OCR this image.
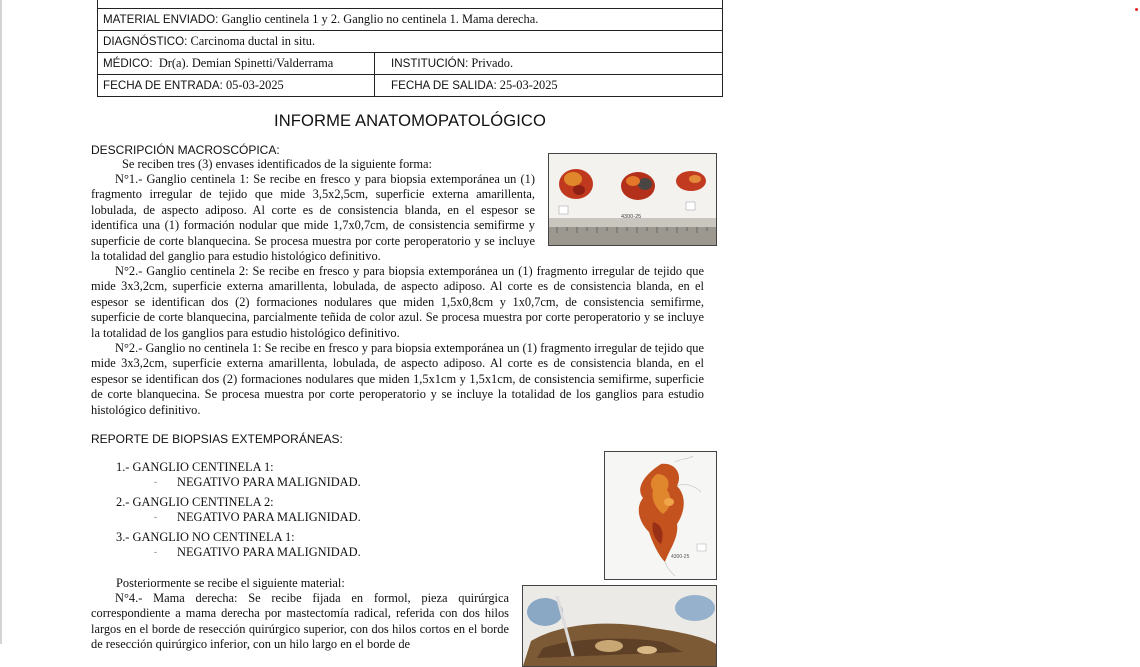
MATERIAL ENVIADO: Ganglio centinela 1 y 2. Ganglio no centinela 1. Mama derecha.	
DIAGNÓSTICO: Carcinoma ductal in situ.	
MÉDICO: Dr(a). Demian Spinetti/Valderrama	INSTITUCIÓN: Privado.
FECHA DE ENTRADA: 05-03-2025	FECHA DE SALIDA: 25-03-2025
INFORME ANATOMOPATOLÓGICO
DESCRIPCIÓN MACROSCÓPICA:
Se reciben tres (3) envases identificados de la siguiente forma:

N°1.- Ganglio centinela 1: Se recibe en fresco y para biopsia extemporánea un (1) fragmento irregular de tejido que mide 3,5x2,5cm, superficie externa amarillenta, lobulada, de aspecto adiposo. Al corte es de consistencia blanda, en el espesor se identifica una (1) formación nodular que mide 1,7x0,7cm, de consistencia semifirme y superficie de corte blanquecina. Se procesa muestra por corte peroperatorio y se incluye la totalidad del ganglio para estudio histológico definitivo.

4300-25

N°2.- Ganglio centinela 2: Se recibe en fresco y para biopsia extemporánea un (1) fragmento irregular de tejido que mide 3x3,2cm, superficie externa amarillenta, lobulada, de aspecto adiposo. Al corte es de consistencia blanda, en el espesor se identifican dos (2) formaciones nodulares que miden 1,5x0,8cm y 1x0,7cm, de consistencia semifirme, superficie de corte blanquecina, parcialmente teñida de color azul. Se procesa muestra por corte peroperatorio y se incluye la totalidad de los ganglios para estudio histológico definitivo.

N°2.- Ganglio no centinela 1: Se recibe en fresco y para biopsia extemporánea un (1) fragmento irregular de tejido que mide 3x3,2cm, superficie externa amarillenta, lobulada, de aspecto adiposo. Al corte es de consistencia blanda, en el espesor se identifican dos (2) formaciones nodulares que miden 1,5x1cm y 1,5x1cm, de consistencia semifirme, superficie de corte blanquecina. Se procesa muestra por corte peroperatorio y se incluye la totalidad de los ganglios para estudio histológico definitivo.

REPORTE DE BIOPSIAS EXTEMPORÁNEAS:
1.- GANGLIO CENTINELA 1:
- NEGATIVO PARA MALIGNIDAD.
2.- GANGLIO CENTINELA 2:
- NEGATIVO PARA MALIGNIDAD.
3.- GANGLIO NO CENTINELA 1:
- NEGATIVO PARA MALIGNIDAD.	4300-25
Posteriormente se recibe el siguiente material:

N°4.- Mama derecha: Se recibe fijada en formol, pieza quirúrgica correspondiente a mama derecha por mastectomía radical, referida con dos hilos largos en el borde de resección quirúrgico superior, con dos hilos cortos en el borde de resección quirúrgico inferior, con un hilo largo en el borde de
